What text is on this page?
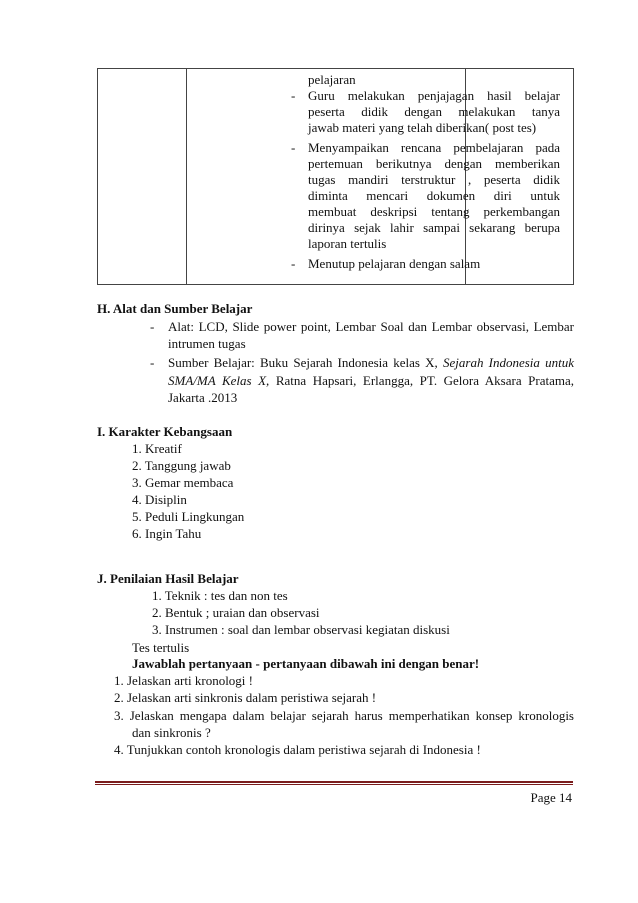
pelajaran
- Guru melakukan penjajagan hasil belajar
peserta didik dengan melakukan tanya
jawab materi yang telah diberikan( post tes)
- Menyampaikan rencana pembelajaran pada
pertemuan berikutnya dengan memberikan
tugas mandiri terstruktur , peserta didik
diminta mencari dokumen diri untuk
membuat deskripsi tentang perkembangan
dirinya sejak lahir sampai sekarang berupa
laporan tertulis
- Menutup pelajaran dengan salam
H. Alat dan Sumber Belajar
- Alat: LCD, Slide power point, Lembar Soal dan Lembar observasi, Lembar
intrumen tugas
- Sumber Belajar: Buku Sejarah Indonesia kelas X, Sejarah Indonesia untuk
SMA/MA Kelas X, Ratna Hapsari, Erlangga, PT. Gelora Aksara Pratama,
Jakarta .2013
I. Karakter Kebangsaan
1. Kreatif
2. Tanggung jawab
3. Gemar membaca
4. Disiplin
5. Peduli Lingkungan
6. Ingin Tahu
J. Penilaian Hasil Belajar
1. Teknik : tes dan non tes
2. Bentuk ; uraian dan observasi
3. Instrumen : soal dan lembar observasi kegiatan diskusi
Tes tertulis
Jawablah pertanyaan - pertanyaan dibawah ini dengan benar!
1. Jelaskan arti kronologi !
2. Jelaskan arti sinkronis dalam peristiwa sejarah !
3. Jelaskan mengapa dalam belajar sejarah harus memperhatikan konsep kronologis
dan sinkronis ?
4. Tunjukkan contoh kronologis dalam peristiwa sejarah di Indonesia !
Page 14
